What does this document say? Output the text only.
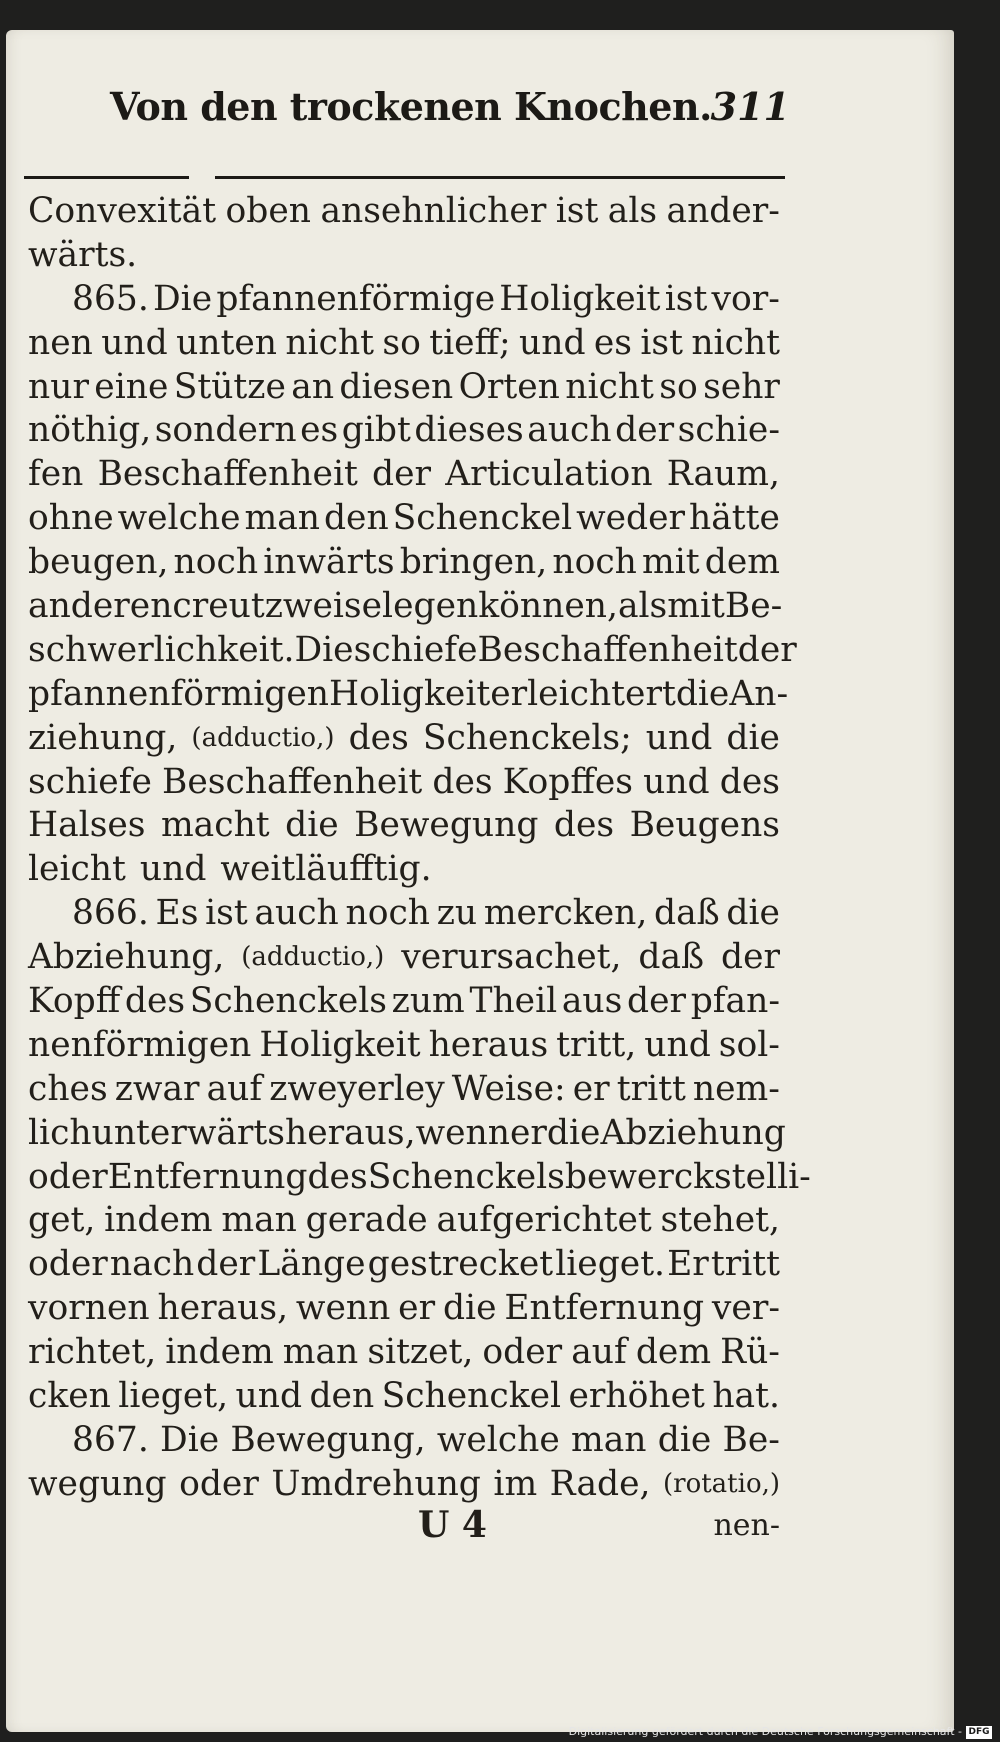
Von den trockenen Knochen.
311
Convexität oben ansehnlicher ist als ander-
wärts.
865. Die pfannenförmige Holigkeit ist vor-
nen und unten nicht so tieff; und es ist nicht
nur eine Stütze an diesen Orten nicht so sehr
nöthig, sondern es gibt dieses auch der schie-
fen Beschaffenheit der Articulation Raum,
ohne welche man den Schenckel weder hätte
beugen, noch inwärts bringen, noch mit dem
anderen creutzweise legen können, als mit Be-
schwerlichkeit. Die schiefe Beschaffenheit der
pfannenförmigen Holigkeit erleichtert die An-
ziehung, (adductio,) des Schenckels; und die
schiefe Beschaffenheit des Kopffes und des
Halses macht die Bewegung des Beugens
leicht und weitläufftig.
866. Es ist auch noch zu mercken, daß die
Abziehung, (adductio,) verursachet, daß der
Kopff des Schenckels zum Theil aus der pfan-
nenförmigen Holigkeit heraus tritt, und sol-
ches zwar auf zweyerley Weise: er tritt nem-
lich unterwärts heraus, wenn er die Abziehung
oder Entfernung des Schenckels bewerckstelli-
get, indem man gerade aufgerichtet stehet,
oder nach der Länge gestrecket lieget. Er tritt
vornen heraus, wenn er die Entfernung ver-
richtet, indem man sitzet, oder auf dem Rü-
cken lieget, und den Schenckel erhöhet hat.
867. Die Bewegung, welche man die Be-
wegung oder Umdrehung im Rade, (rotatio,)
U 4	nen-
Digitalisierung gefördert durch die Deutsche Forschungsgemeinschaft - DFG
